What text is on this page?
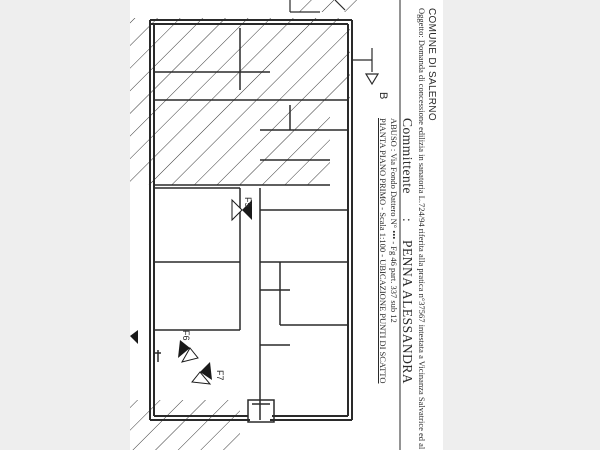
COMUNE DI SALERNO
Oggetto: Domanda di concessione edilizia in sanatoria L.724/94 riferita alla pratica n°37567 intestata a Vicinanza Salvatrice ed al
Committente
:
PENNA ALESSANDRA
ABUSO : Via Fondo Dattero N° ••• - Fg 46 part. 337 sub 12
PIANTA PIANO PRIMO - Scala 1:100 - UBICAZIONE PUNTI DI SCATTO
B
F5
F6
F7
